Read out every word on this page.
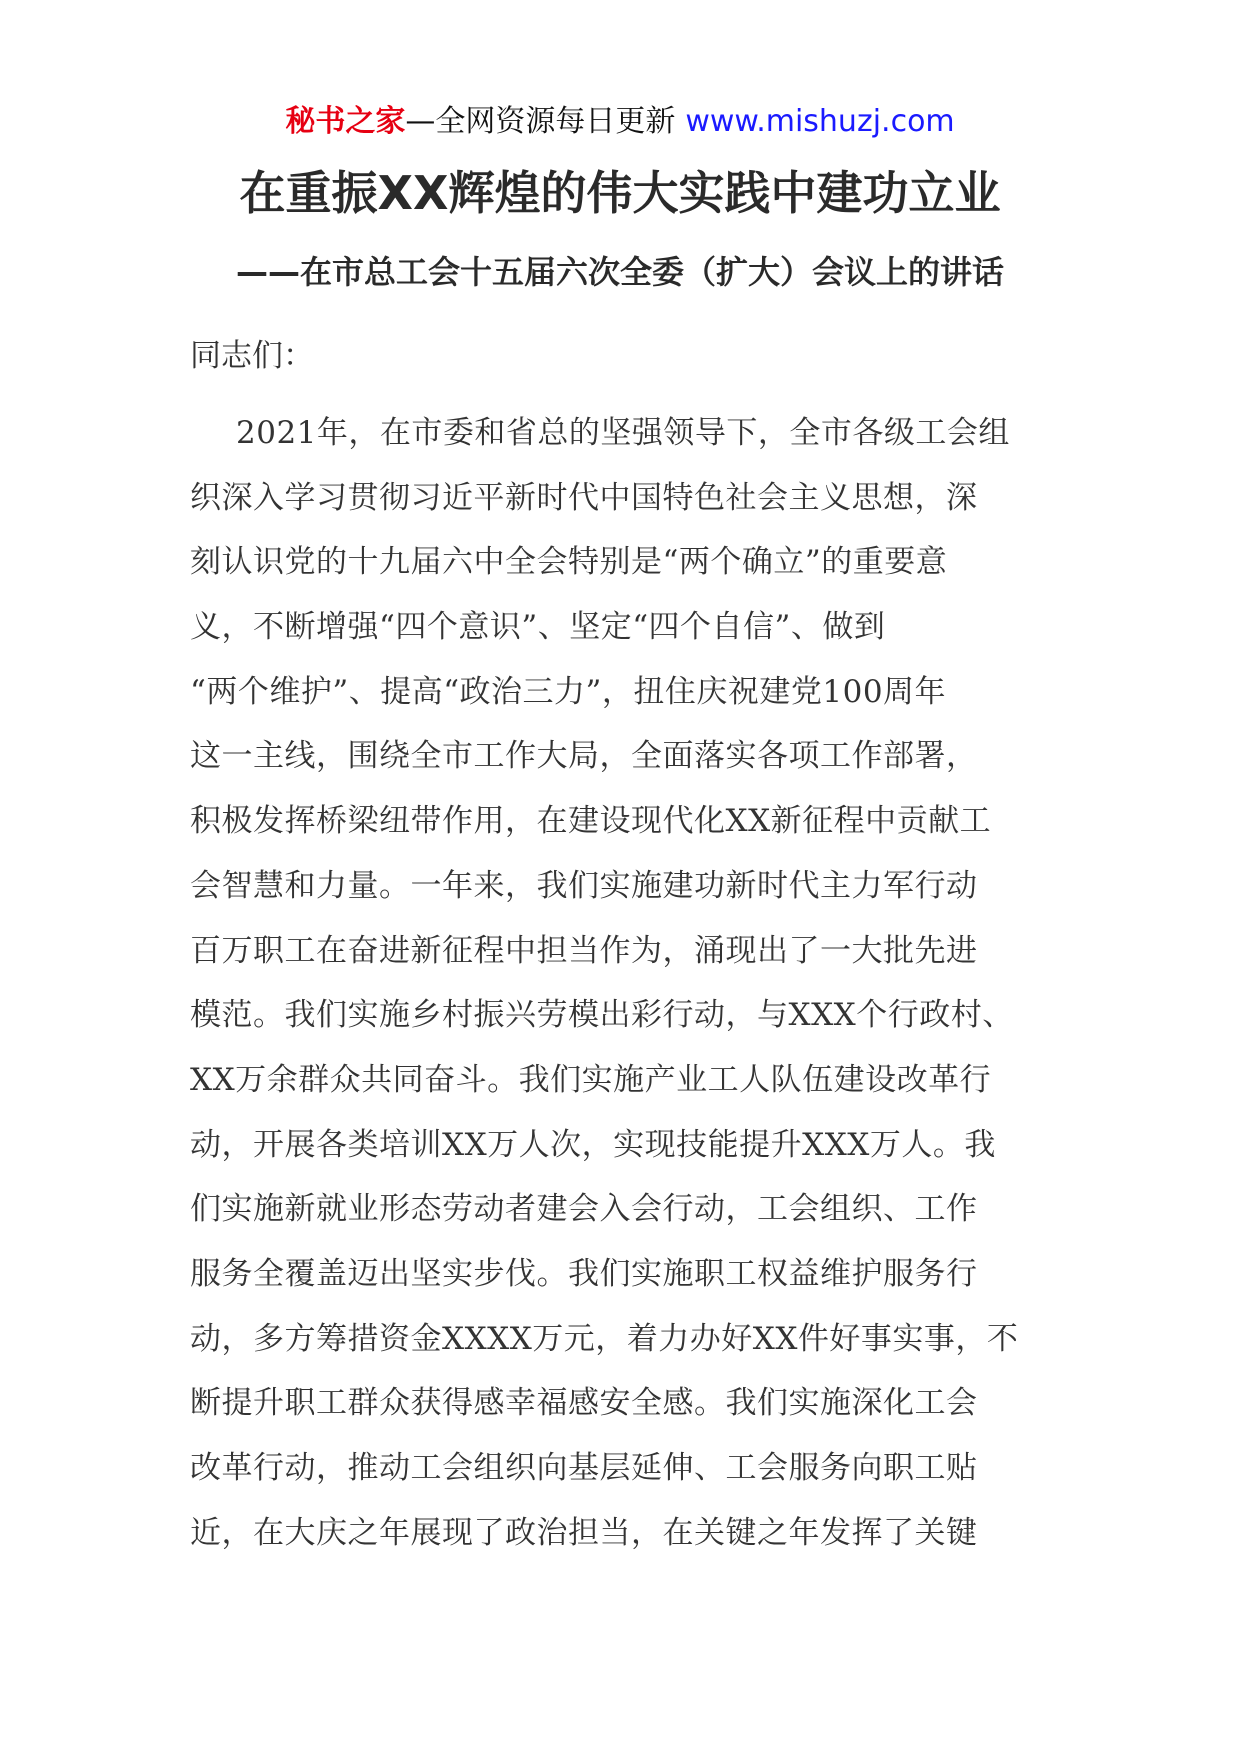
秘书之家—全网资源每日更新 www.mishuzj.com
在重振XX辉煌的伟大实践中建功立业
——在市总工会十五届六次全委（扩大）会议上的讲话
同志们：
2021年，在市委和省总的坚强领导下，全市各级工会组
织深入学习贯彻习近平新时代中国特色社会主义思想，深
刻认识党的十九届六中全会特别是“两个确立”的重要意
义，不断增强“四个意识”、坚定“四个自信”、做到
“两个维护”、提高“政治三力”，扭住庆祝建党100周年
这一主线，围绕全市工作大局，全面落实各项工作部署，
积极发挥桥梁纽带作用，在建设现代化XX新征程中贡献工
会智慧和力量。一年来，我们实施建功新时代主力军行动
百万职工在奋进新征程中担当作为，涌现出了一大批先进
模范。我们实施乡村振兴劳模出彩行动，与XXX个行政村、
XX万余群众共同奋斗。我们实施产业工人队伍建设改革行
动，开展各类培训XX万人次，实现技能提升XXX万人。我
们实施新就业形态劳动者建会入会行动，工会组织、工作
服务全覆盖迈出坚实步伐。我们实施职工权益维护服务行
动，多方筹措资金XXXX万元，着力办好XX件好事实事，不
断提升职工群众获得感幸福感安全感。我们实施深化工会
改革行动，推动工会组织向基层延伸、工会服务向职工贴
近，在大庆之年展现了政治担当，在关键之年发挥了关键
